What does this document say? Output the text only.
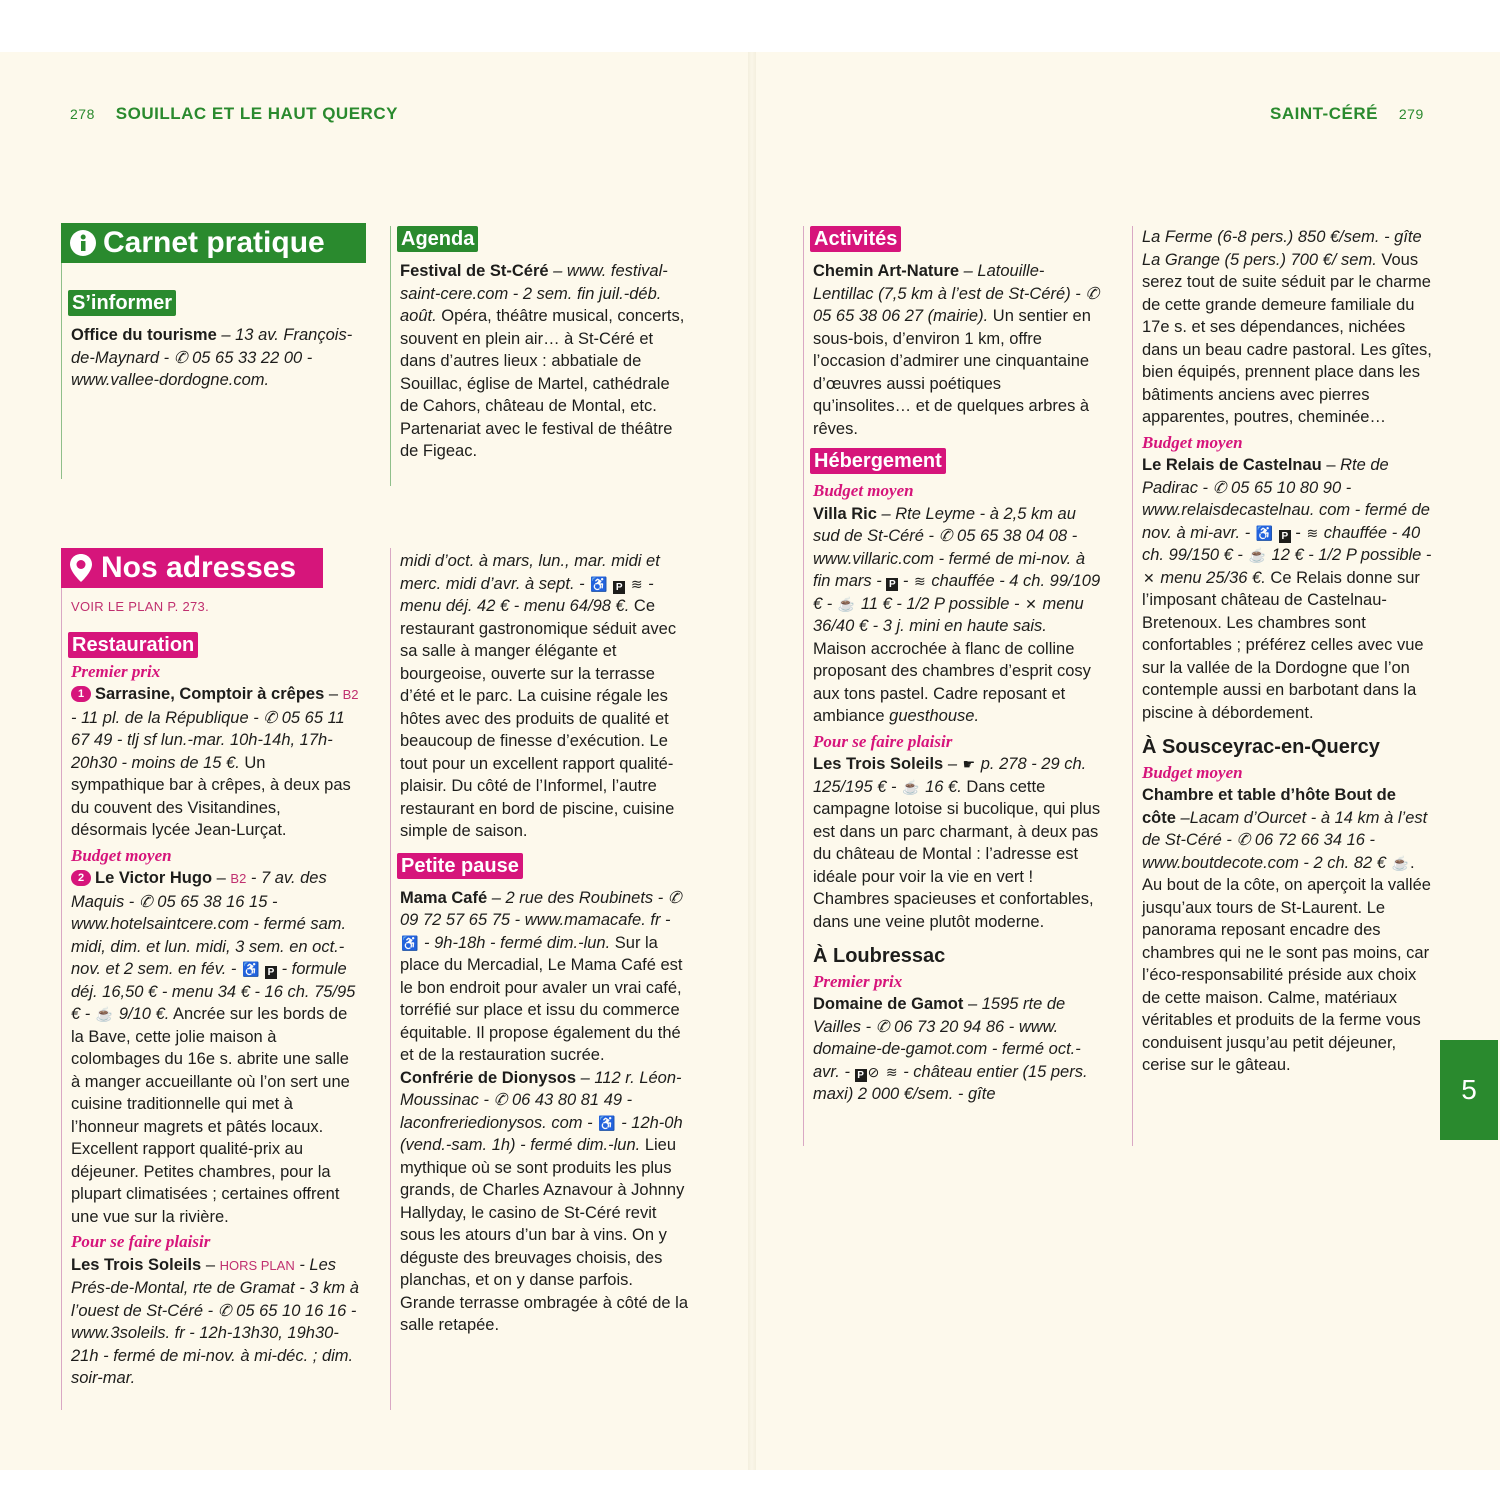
278 SOUILLAC ET LE HAUT QUERCY	SAINT-CÉRÉ 279
Carnet pratique
S’informer

Office du tourisme – 13 av. François-de-Maynard - ✆ 05 65 33 22 00 - www.vallee-dordogne.com.

Agenda

Festival de St-Céré – www. festival-saint-cere.com - 2 sem. fin juil.-déb. août. Opéra, théâtre musical, concerts, souvent en plein air… à St-Céré et dans d’autres lieux : abbatiale de Souillac, église de Martel, cathédrale de Cahors, château de Montal, etc. Partenariat avec le festival de théâtre de Figeac.

Nos adresses
VOIR LE PLAN P. 273.
Restauration
Premier prix

1 Sarrasine, Comptoir à crêpes – B2 - 11 pl. de la République - ✆ 05 65 11 67 49 - tlj sf lun.-mar. 10h-14h, 17h-20h30 - moins de 15 €. Un sympathique bar à crêpes, à deux pas du couvent des Visitandines, désormais lycée Jean-Lurçat.

Budget moyen

2 Le Victor Hugo – B2 - 7 av. des Maquis - ✆ 05 65 38 16 15 - www.hotelsaintcere.com - fermé sam. midi, dim. et lun. midi, 3 sem. en oct.-nov. et 2 sem. en fév. - ♿ P - formule déj. 16,50 € - menu 34 € - 16 ch. 75/95 € - ☕ 9/10 €. Ancrée sur les bords de la Bave, cette jolie maison à colombages du 16e s. abrite une salle à manger accueillante où l’on sert une cuisine traditionnelle qui met à l’honneur magrets et pâtés locaux. Excellent rapport qualité-prix au déjeuner. Petites chambres, pour la plupart climatisées ; certaines offrent une vue sur la rivière.

Pour se faire plaisir

Les Trois Soleils – HORS PLAN - Les Prés-de-Montal, rte de Gramat - 3 km à l’ouest de St-Céré - ✆ 05 65 10 16 16 - www.3soleils. fr - 12h-13h30, 19h30-21h - fermé de mi-nov. à mi-déc. ; dim. soir-mar.

midi d’oct. à mars, lun., mar. midi et merc. midi d’avr. à sept. - ♿ P ≋ - menu déj. 42 € - menu 64/98 €. Ce restaurant gastronomique séduit avec sa salle à manger élégante et bourgeoise, ouverte sur la terrasse d’été et le parc. La cuisine régale les hôtes avec des produits de qualité et beaucoup de finesse d’exécution. Le tout pour un excellent rapport qualité-plaisir. Du côté de l’Informel, l’autre restaurant en bord de piscine, cuisine simple de saison.

Petite pause

Mama Café – 2 rue des Roubinets - ✆ 09 72 57 65 75 - www.mamacafe. fr - ♿ - 9h-18h - fermé dim.-lun. Sur la place du Mercadial, Le Mama Café est le bon endroit pour avaler un vrai café, torréfié sur place et issu du commerce équitable. Il propose également du thé et de la restauration sucrée.

Confrérie de Dionysos – 112 r. Léon-Moussinac - ✆ 06 43 80 81 49 - laconfreriedionysos. com - ♿ - 12h-0h (vend.-sam. 1h) - fermé dim.-lun. Lieu mythique où se sont produits les plus grands, de Charles Aznavour à Johnny Hallyday, le casino de St-Céré revit sous les atours d’un bar à vins. On y déguste des breuvages choisis, des planchas, et on y danse parfois. Grande terrasse ombragée à côté de la salle retapée.

Activités

Chemin Art-Nature – Latouille-Lentillac (7,5 km à l’est de St-Céré) - ✆ 05 65 38 06 27 (mairie). Un sentier en sous-bois, d’environ 1 km, offre l’occasion d’admirer une cinquantaine d’œuvres aussi poétiques qu’insolites… et de quelques arbres à rêves.

Hébergement
Budget moyen

Villa Ric – Rte Leyme - à 2,5 km au sud de St-Céré - ✆ 05 65 38 04 08 - www.villaric.com - fermé de mi-nov. à fin mars - P - ≋ chauffée - 4 ch. 99/109 € - ☕ 11 € - 1/2 P possible - ✕ menu 36/40 € - 3 j. mini en haute sais. Maison accrochée à flanc de colline proposant des chambres d’esprit cosy aux tons pastel. Cadre reposant et ambiance guesthouse.

Pour se faire plaisir

Les Trois Soleils – ☛ p. 278 - 29 ch. 125/195 € - ☕ 16 €. Dans cette campagne lotoise si bucolique, qui plus est dans un parc charmant, à deux pas du château de Montal : l’adresse est idéale pour voir la vie en vert ! Chambres spacieuses et confortables, dans une veine plutôt moderne.

À Loubressac
Premier prix

Domaine de Gamot – 1595 rte de Vailles - ✆ 06 73 20 94 86 - www. domaine-de-gamot.com - fermé oct.-avr. - P ⊘ ≋ - château entier (15 pers. maxi) 2 000 €/sem. - gîte

La Ferme (6-8 pers.) 850 €/sem. - gîte La Grange (5 pers.) 700 €/ sem. Vous serez tout de suite séduit par le charme de cette grande demeure familiale du 17e s. et ses dépendances, nichées dans un beau cadre pastoral. Les gîtes, bien équipés, prennent place dans les bâtiments anciens avec pierres apparentes, poutres, cheminée…

Budget moyen

Le Relais de Castelnau – Rte de Padirac - ✆ 05 65 10 80 90 - www.relaisdecastelnau. com - fermé de nov. à mi-avr. - ♿ P - ≋ chauffée - 40 ch. 99/150 € - ☕ 12 € - 1/2 P possible - ✕ menu 25/36 €. Ce Relais donne sur l’imposant château de Castelnau-Bretenoux. Les chambres sont confortables ; préférez celles avec vue sur la vallée de la Dordogne que l’on contemple aussi en barbotant dans la piscine à débordement.

À Sousceyrac-en-Quercy
Budget moyen

Chambre et table d’hôte Bout de côte –Lacam d’Ourcet - à 14 km à l’est de St-Céré - ✆ 06 72 66 34 16 - www.boutdecote.com - 2 ch. 82 € ☕. Au bout de la côte, on aperçoit la vallée jusqu’aux tours de St-Laurent. Le panorama reposant encadre des chambres qui ne le sont pas moins, car l’éco-responsabilité préside aux choix de cette maison. Calme, matériaux véritables et produits de la ferme vous conduisent jusqu’au petit déjeuner, cerise sur le gâteau.

5
